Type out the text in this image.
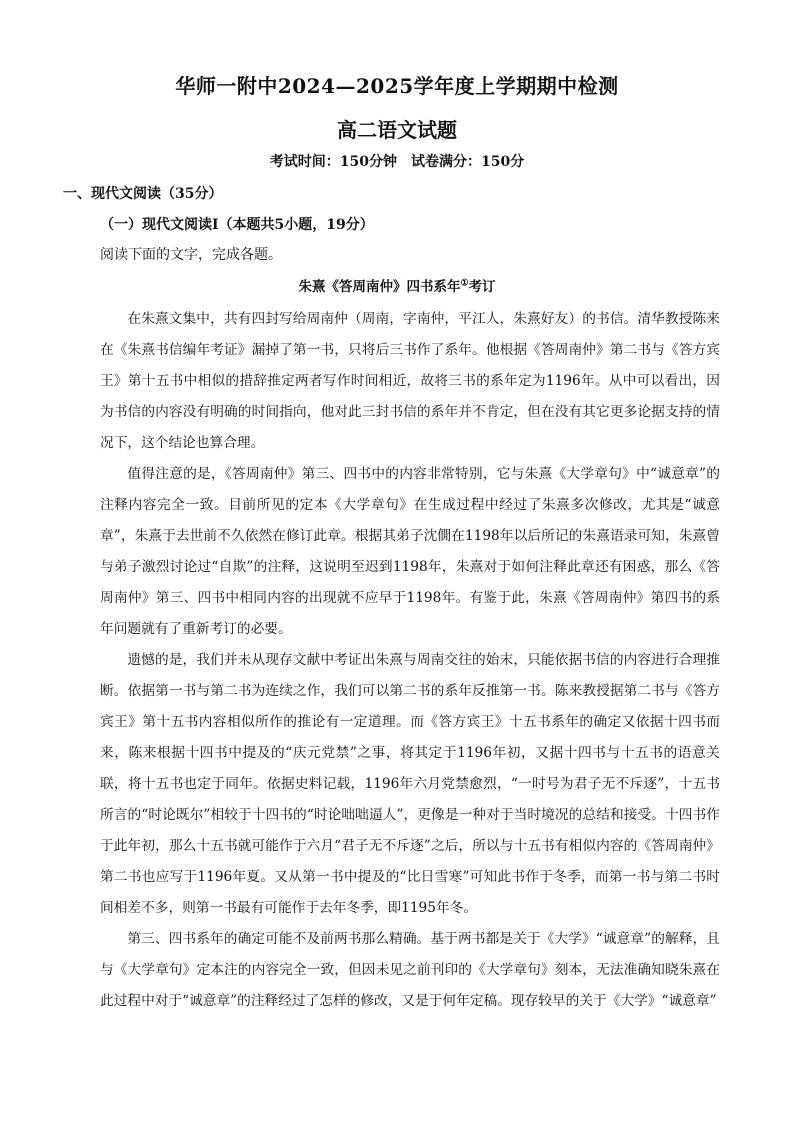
华师一附中2024—2025学年度上学期期中检测
高二语文试题
考试时间：150分钟　试卷满分：150分
一、现代文阅读（35分）
（一）现代文阅读Ⅰ（本题共5小题，19分）
阅读下面的文字，完成各题。
朱熹《答周南仲》四书系年①考订

在朱熹文集中，共有四封写给周南仲（周南，字南仲，平江人，朱熹好友）的书信。清华教授陈来在《朱熹书信编年考证》漏掉了第一书，只将后三书作了系年。他根据《答周南仲》第二书与《答方宾王》第十五书中相似的措辞推定两者写作时间相近，故将三书的系年定为1196年。从中可以看出，因为书信的内容没有明确的时间指向，他对此三封书信的系年并不肯定，但在没有其它更多论据支持的情况下，这个结论也算合理。

值得注意的是，《答周南仲》第三、四书中的内容非常特别，它与朱熹《大学章句》中“诚意章”的注释内容完全一致。目前所见的定本《大学章句》在生成过程中经过了朱熹多次修改，尤其是“诚意章”，朱熹于去世前不久依然在修订此章。根据其弟子沈僩在1198年以后所记的朱熹语录可知，朱熹曾与弟子激烈讨论过“自欺”的注释，这说明至迟到1198年，朱熹对于如何注释此章还有困惑，那么《答周南仲》第三、四书中相同内容的出现就不应早于1198年。有鉴于此，朱熹《答周南仲》第四书的系年问题就有了重新考订的必要。

遗憾的是，我们并未从现存文献中考证出朱熹与周南交往的始末，只能依据书信的内容进行合理推断。依据第一书与第二书为连续之作，我们可以第二书的系年反推第一书。陈来教授据第二书与《答方宾王》第十五书内容相似所作的推论有一定道理。而《答方宾王》十五书系年的确定又依据十四书而来，陈来根据十四书中提及的“庆元党禁”之事，将其定于1196年初，又据十四书与十五书的语意关联，将十五书也定于同年。依据史料记载，1196年六月党禁愈烈，“一时号为君子无不斥逐”，十五书所言的“时论既尔”相较于十四书的“时论咄咄逼人”，更像是一种对于当时境况的总结和接受。十四书作于此年初，那么十五书就可能作于六月“君子无不斥逐”之后，所以与十五书有相似内容的《答周南仲》第二书也应写于1196年夏。又从第一书中提及的“比日雪寒”可知此书作于冬季，而第一书与第二书时间相差不多，则第一书最有可能作于去年冬季，即1195年冬。

第三、四书系年的确定可能不及前两书那么精确。基于两书都是关于《大学》“诚意章”的解释，且与《大学章句》定本注的内容完全一致，但因未见之前刊印的《大学章句》刻本，无法准确知晓朱熹在此过程中对于“诚意章”的注释经过了怎样的修改，又是于何年定稿。现存较早的关于《大学》“诚意章”
